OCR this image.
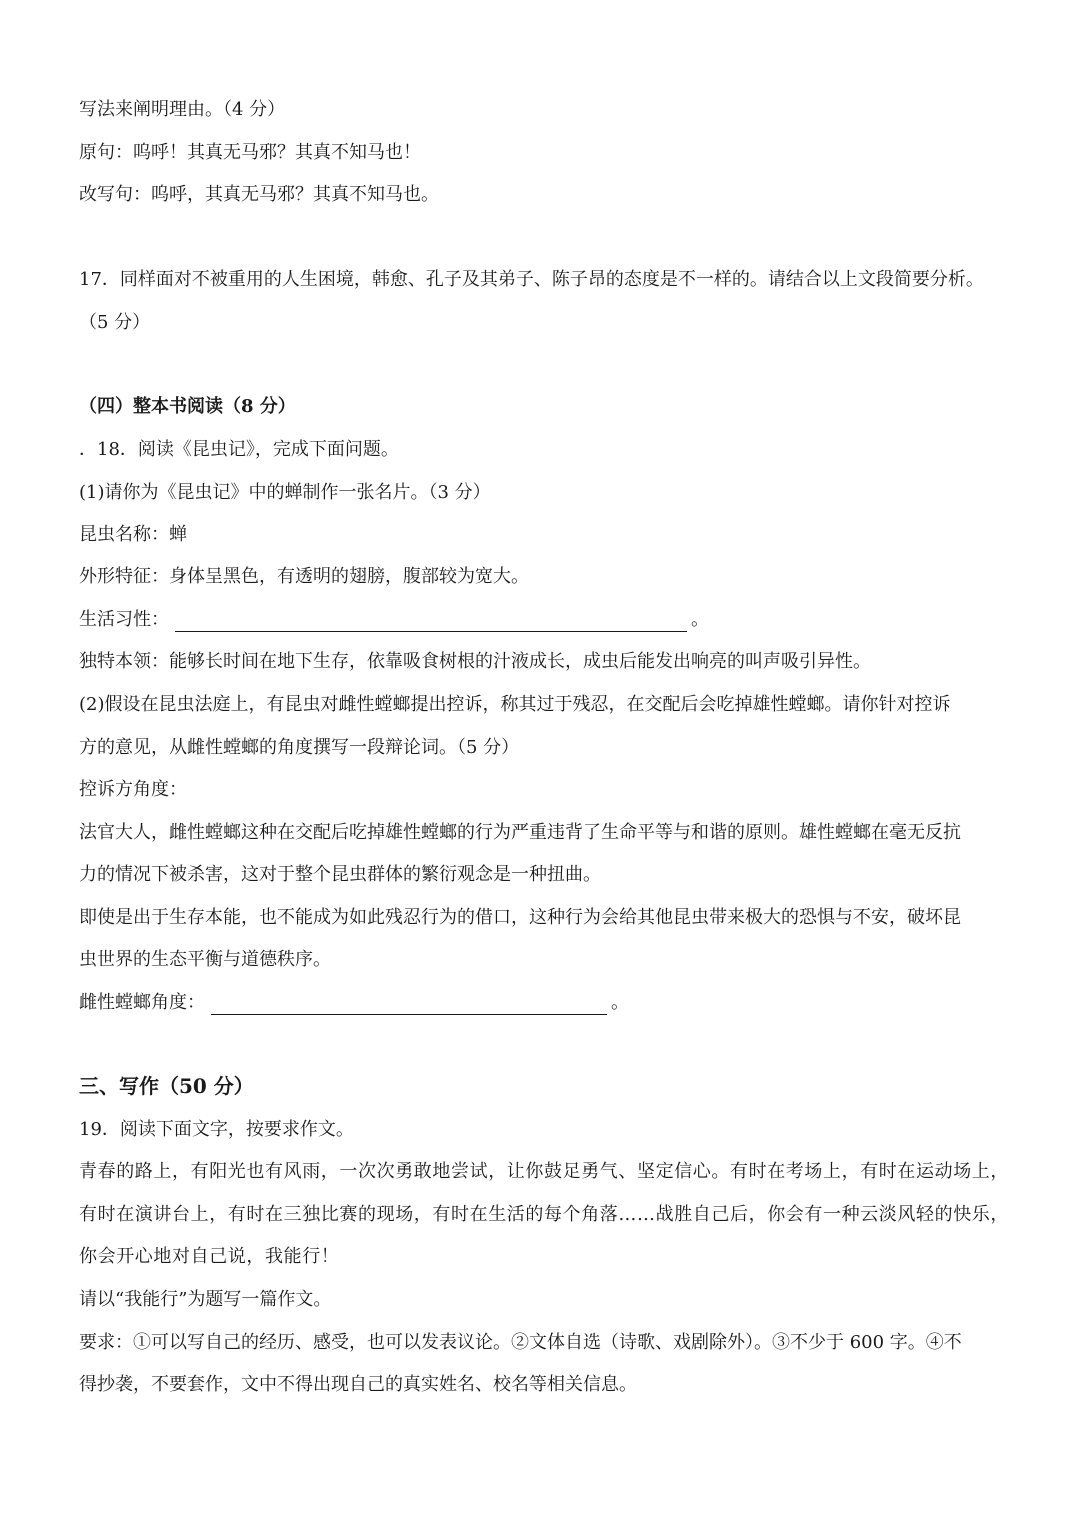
写法来阐明理由。（4 分）
原句：呜呼！其真无马邪？其真不知马也！
改写句：呜呼，其真无马邪？其真不知马也。
17．同样面对不被重用的人生困境，韩愈、孔子及其弟子、陈子昂的态度是不一样的。请结合以上文段简要分析。
（5 分）
（四）整本书阅读（8 分）
．18．阅读《昆虫记》，完成下面问题。
(1)请你为《昆虫记》中的蝉制作一张名片。（3 分）
昆虫名称：蝉
外形特征：身体呈黑色，有透明的翅膀，腹部较为宽大。
生活习性：	。
独特本领：能够长时间在地下生存，依靠吸食树根的汁液成长，成虫后能发出响亮的叫声吸引异性。
(2)假设在昆虫法庭上，有昆虫对雌性螳螂提出控诉，称其过于残忍，在交配后会吃掉雄性螳螂。请你针对控诉
方的意见，从雌性螳螂的角度撰写一段辩论词。（5 分）
控诉方角度：
法官大人，雌性螳螂这种在交配后吃掉雄性螳螂的行为严重违背了生命平等与和谐的原则。雄性螳螂在毫无反抗
力的情况下被杀害，这对于整个昆虫群体的繁衍观念是一种扭曲。
即使是出于生存本能，也不能成为如此残忍行为的借口，这种行为会给其他昆虫带来极大的恐惧与不安，破坏昆
虫世界的生态平衡与道德秩序。
雌性螳螂角度：	。
三、写作（50 分）
19．阅读下面文字，按要求作文。
青春的路上，有阳光也有风雨，一次次勇敢地尝试，让你鼓足勇气、坚定信心。有时在考场上，有时在运动场上，
有时在演讲台上，有时在三独比赛的现场，有时在生活的每个角落……战胜自己后，你会有一种云淡风轻的快乐，
你会开心地对自己说，我能行！
请以“我能行”为题写一篇作文。
要求：①可以写自己的经历、感受，也可以发表议论。②文体自选（诗歌、戏剧除外）。③不少于 600 字。④不
得抄袭，不要套作，文中不得出现自己的真实姓名、校名等相关信息。
